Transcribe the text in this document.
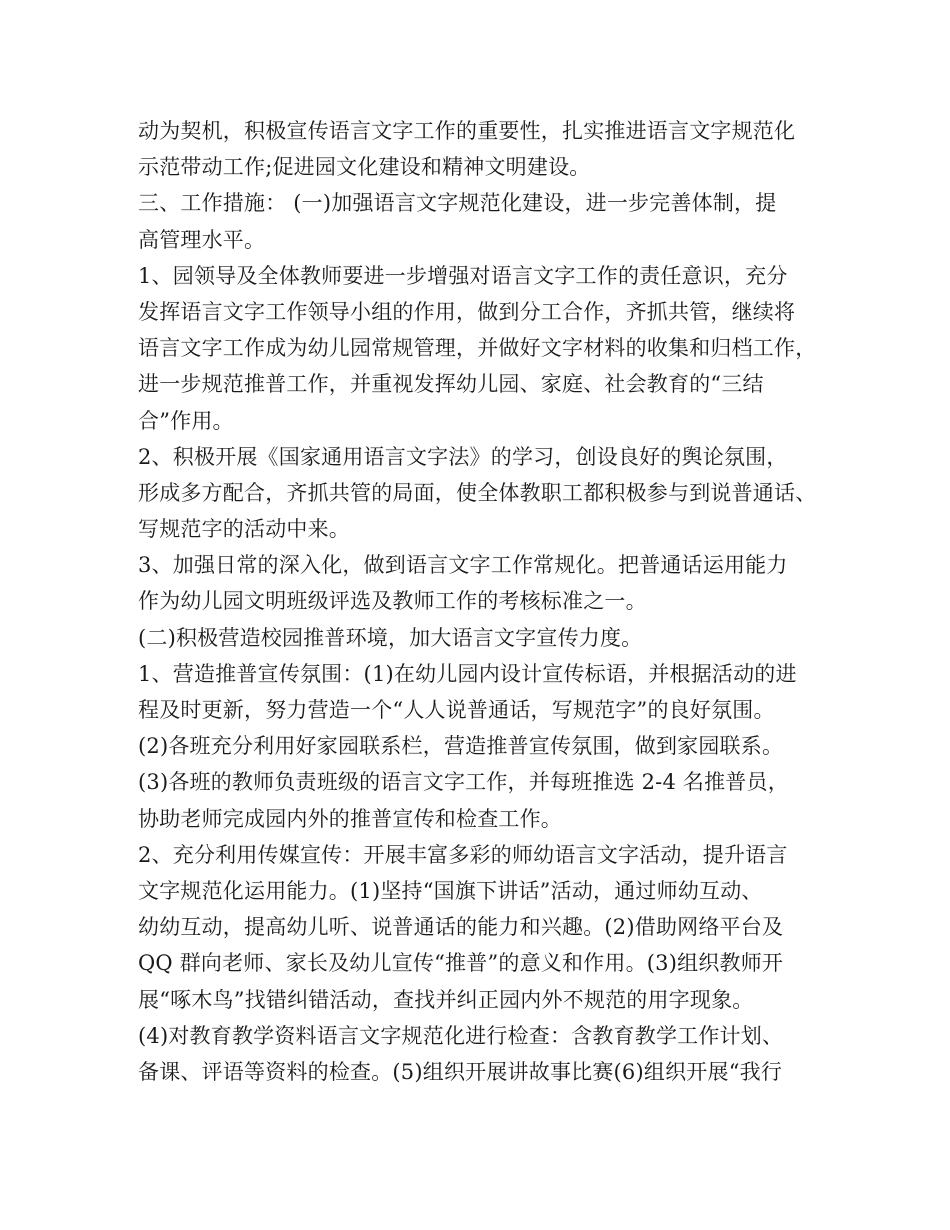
动为契机，积极宣传语言文字工作的重要性，扎实推进语言文字规范化
示范带动工作;促进园文化建设和精神文明建设。
三、工作措施： (一)加强语言文字规范化建设，进一步完善体制，提
高管理水平。
1、园领导及全体教师要进一步增强对语言文字工作的责任意识，充分
发挥语言文字工作领导小组的作用，做到分工合作，齐抓共管，继续将
语言文字工作成为幼儿园常规管理，并做好文字材料的收集和归档工作，
进一步规范推普工作，并重视发挥幼儿园、家庭、社会教育的“三结
合”作用。
2、积极开展《国家通用语言文字法》的学习，创设良好的舆论氛围，
形成多方配合，齐抓共管的局面，使全体教职工都积极参与到说普通话、
写规范字的活动中来。
3、加强日常的深入化，做到语言文字工作常规化。把普通话运用能力
作为幼儿园文明班级评选及教师工作的考核标准之一。
(二)积极营造校园推普环境，加大语言文字宣传力度。
1、营造推普宣传氛围：(1)在幼儿园内设计宣传标语，并根据活动的进
程及时更新，努力营造一个“人人说普通话，写规范字”的良好氛围。
(2)各班充分利用好家园联系栏，营造推普宣传氛围，做到家园联系。
(3)各班的教师负责班级的语言文字工作，并每班推选 2-4 名推普员，
协助老师完成园内外的推普宣传和检查工作。
2、充分利用传媒宣传：开展丰富多彩的师幼语言文字活动，提升语言
文字规范化运用能力。(1)坚持“国旗下讲话”活动，通过师幼互动、
幼幼互动，提高幼儿听、说普通话的能力和兴趣。(2)借助网络平台及
QQ 群向老师、家长及幼儿宣传“推普”的意义和作用。(3)组织教师开
展“啄木鸟”找错纠错活动，查找并纠正园内外不规范的用字现象。
(4)对教育教学资料语言文字规范化进行检查：含教育教学工作计划、
备课、评语等资料的检查。(5)组织开展讲故事比赛(6)组织开展“我行
